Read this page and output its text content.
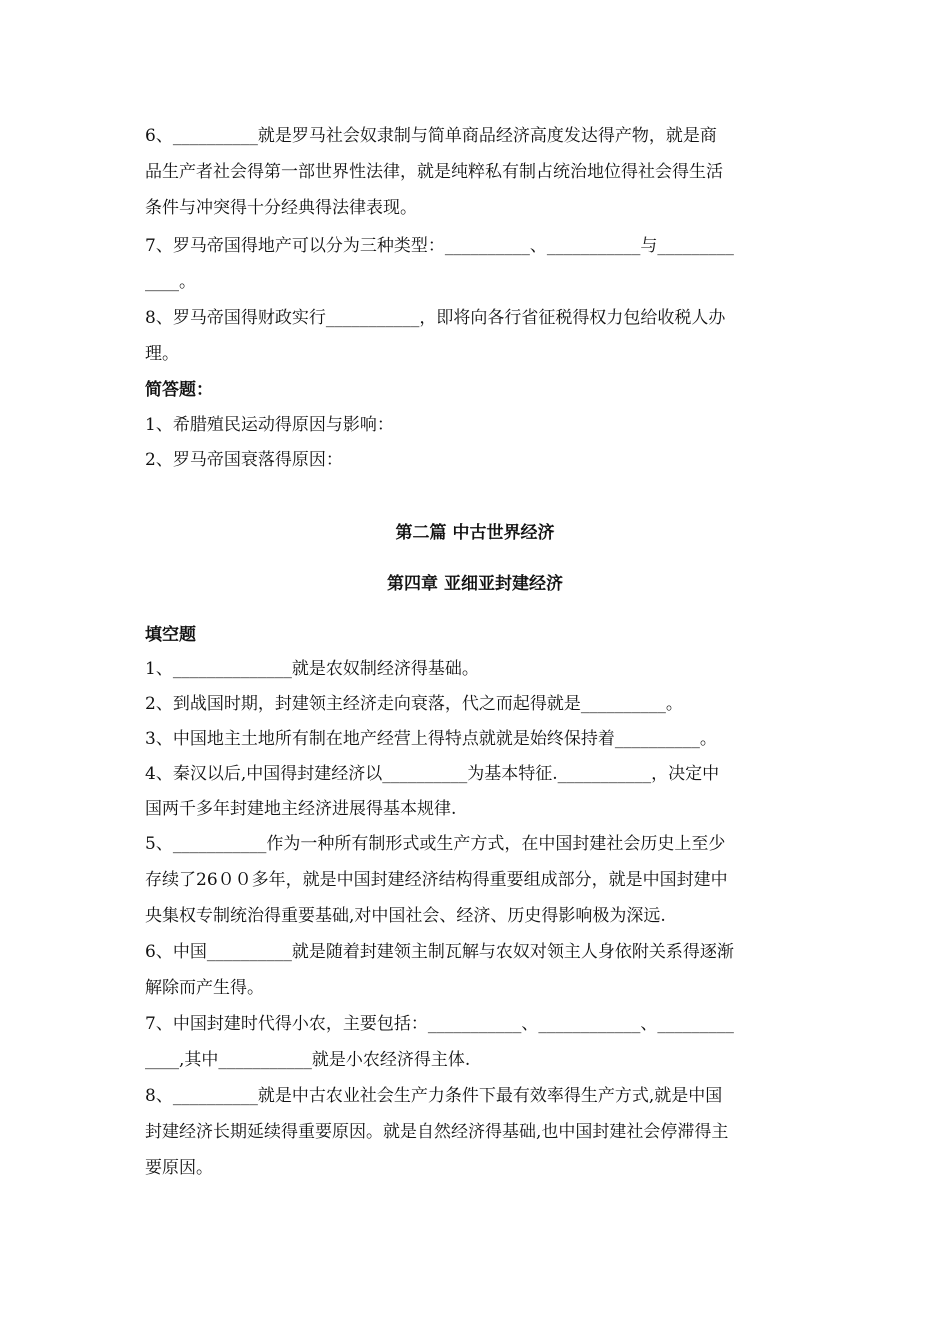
6、__________就是罗马社会奴隶制与简单商品经济高度发达得产物，就是商
品生产者社会得第一部世界性法律，就是纯粹私有制占统治地位得社会得生活
条件与冲突得十分经典得法律表现。
7、罗马帝国得地产可以分为三种类型：__________、___________与_________
____。
8、罗马帝国得财政实行___________，即将向各行省征税得权力包给收税人办
理。
简答题：
1、希腊殖民运动得原因与影响：
2、罗马帝国衰落得原因：
第二篇 中古世界经济
第四章 亚细亚封建经济
填空题
1、______________就是农奴制经济得基础。
2、到战国时期，封建领主经济走向衰落，代之而起得就是__________。
3、中国地主土地所有制在地产经营上得特点就就是始终保持着__________。
4、秦汉以后,中国得封建经济以__________为基本特征.___________，决定中
国两千多年封建地主经济进展得基本规律.
5、___________作为一种所有制形式或生产方式，在中国封建社会历史上至少
存续了26００多年，就是中国封建经济结构得重要组成部分，就是中国封建中
央集权专制统治得重要基础,对中国社会、经济、历史得影响极为深远.
6、中国__________就是随着封建领主制瓦解与农奴对领主人身依附关系得逐渐
解除而产生得。
7、中国封建时代得小农，主要包括：___________、____________、_________
____,其中___________就是小农经济得主体.
8、__________就是中古农业社会生产力条件下最有效率得生产方式,就是中国
封建经济长期延续得重要原因。就是自然经济得基础,也中国封建社会停滞得主
要原因。
